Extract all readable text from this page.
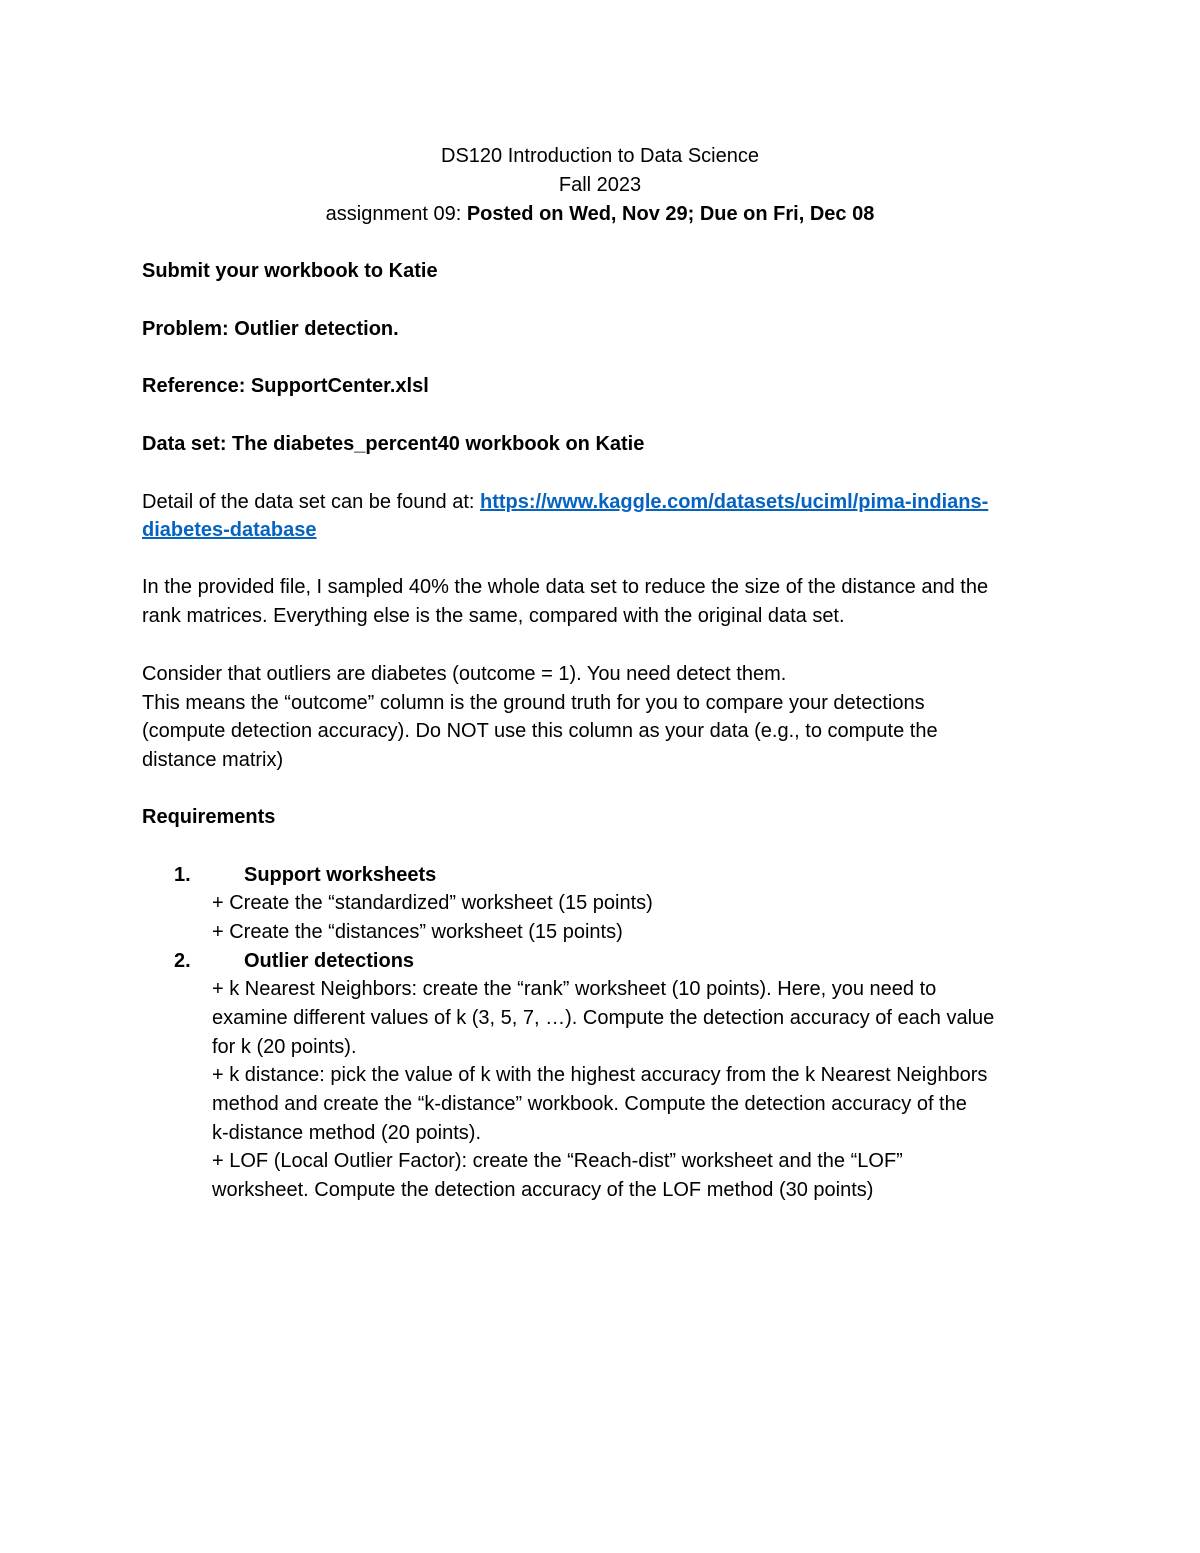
DS120 Introduction to Data Science
Fall 2023
assignment 09: Posted on Wed, Nov 29; Due on Fri, Dec 08
Submit your workbook to Katie
Problem: Outlier detection.
Reference: SupportCenter.xlsl
Data set: The diabetes_percent40 workbook on Katie
Detail of the data set can be found at: https://www.kaggle.com/datasets/uciml/pima-indians-
diabetes-database
In the provided file, I sampled 40% the whole data set to reduce the size of the distance and the
rank matrices. Everything else is the same, compared with the original data set.
Consider that outliers are diabetes (outcome = 1). You need detect them.
This means the “outcome” column is the ground truth for you to compare your detections
(compute detection accuracy). Do NOT use this column as your data (e.g., to compute the
distance matrix)
Requirements
1.	Support worksheets
+ Create the “standardized” worksheet (15 points)
+ Create the “distances” worksheet (15 points)
2.	Outlier detections
+ k Nearest Neighbors: create the “rank” worksheet (10 points). Here, you need to
examine different values of k (3, 5, 7, …). Compute the detection accuracy of each value
for k (20 points).
+ k distance: pick the value of k with the highest accuracy from the k Nearest Neighbors
method and create the “k-distance” workbook. Compute the detection accuracy of the
k-distance method (20 points).
+ LOF (Local Outlier Factor): create the “Reach-dist” worksheet and the “LOF”
worksheet. Compute the detection accuracy of the LOF method (30 points)
